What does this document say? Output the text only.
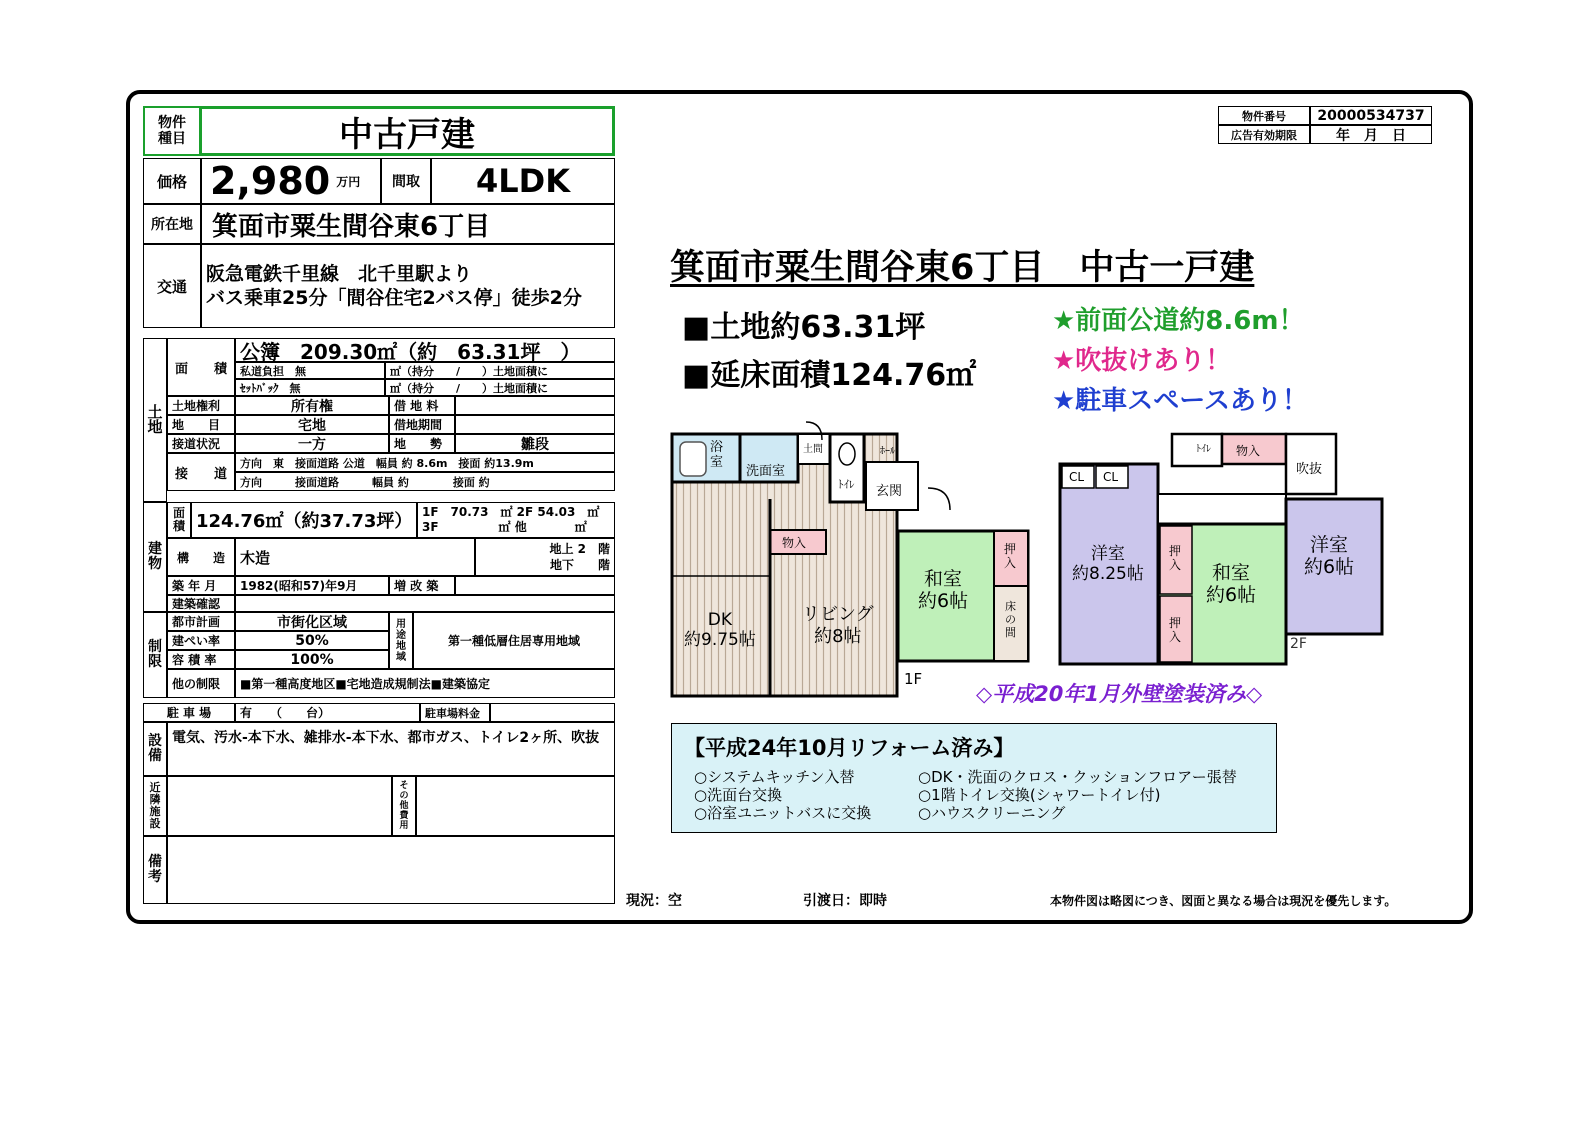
物件
種目	中古戸建
価格 2,980 万円	間取	4LDK
所在地 箕面市粟生間谷東6丁目
交通
阪急電鉄千里線　北千里駅より
バス乗車25分「間谷住宅2バス停」徒歩2分
土地
面　　積
公簿　209.30㎡（約　63.31坪　）
私道負担　無	㎡（持分　　/　　）土地面積に
ｾｯﾄﾊﾞｯｸ　無	㎡（持分　　/　　）土地面積に
土地権利	所有権	借 地 料
地　　目	宅地	借地期間
接道状況	一方	地　　勢	雛段
接　　道
方向　東　接面道路 公道　幅員 約 8.6m　接面 約13.9m
方向　　　接面道路　　　幅員 約　　　　接面 約
建物
面積 124.76㎡（約37.73坪） 1F　70.73　㎡ 2F 54.03　㎡
3F　　　　　㎡ 他　　　　㎡
構　　造	木造	地上 2　階
地下　　階
築 年 月	1982(昭和57)年9月	増 改 築
建築確認
制限
都市計画	市街化区域
建ぺい率	50%
容 積 率	100%
用途地域
第一種低層住居専用地域
他の制限	■第一種高度地区■宅地造成規制法■建築協定
駐 車 場	有　　（　　台）	駐車場料金
設備
電気、汚水-本下水、雑排水-本下水、都市ガス、トイレ2ヶ所、吹抜
近隣施設
その他費用
備考
物件番号	20000534737
広告有効期限	年　月　日
箕面市粟生間谷東6丁目　中古一戸建
■土地約63.31坪
■延床面積124.76㎡
★前面公道約8.6m！
★吹抜けあり！
★駐車スペースあり！
浴
室
洗面室
土間
ﾄｲﾚ
ﾎｰﾙ
玄関
物入
DK
約9.75帖
リビング
約8帖
和室
約6帖
押
入
床
の
間
1F
ﾄｲﾚ 物入
吹抜
CL CL
洋室
約8.25帖
押
入
押
入
和室
約6帖
洋室
約6帖
2F
◇平成20年1月外壁塗装済み◇
【平成24年10月リフォーム済み】
○システムキッチン入替
○洗面台交換
○浴室ユニットバスに交換
○DK・洗面のクロス・クッションフロアー張替
○1階トイレ交換(シャワートイレ付)
○ハウスクリーニング
現況：空	引渡日：即時	本物件図は略図につき、図面と異なる場合は現況を優先します。
